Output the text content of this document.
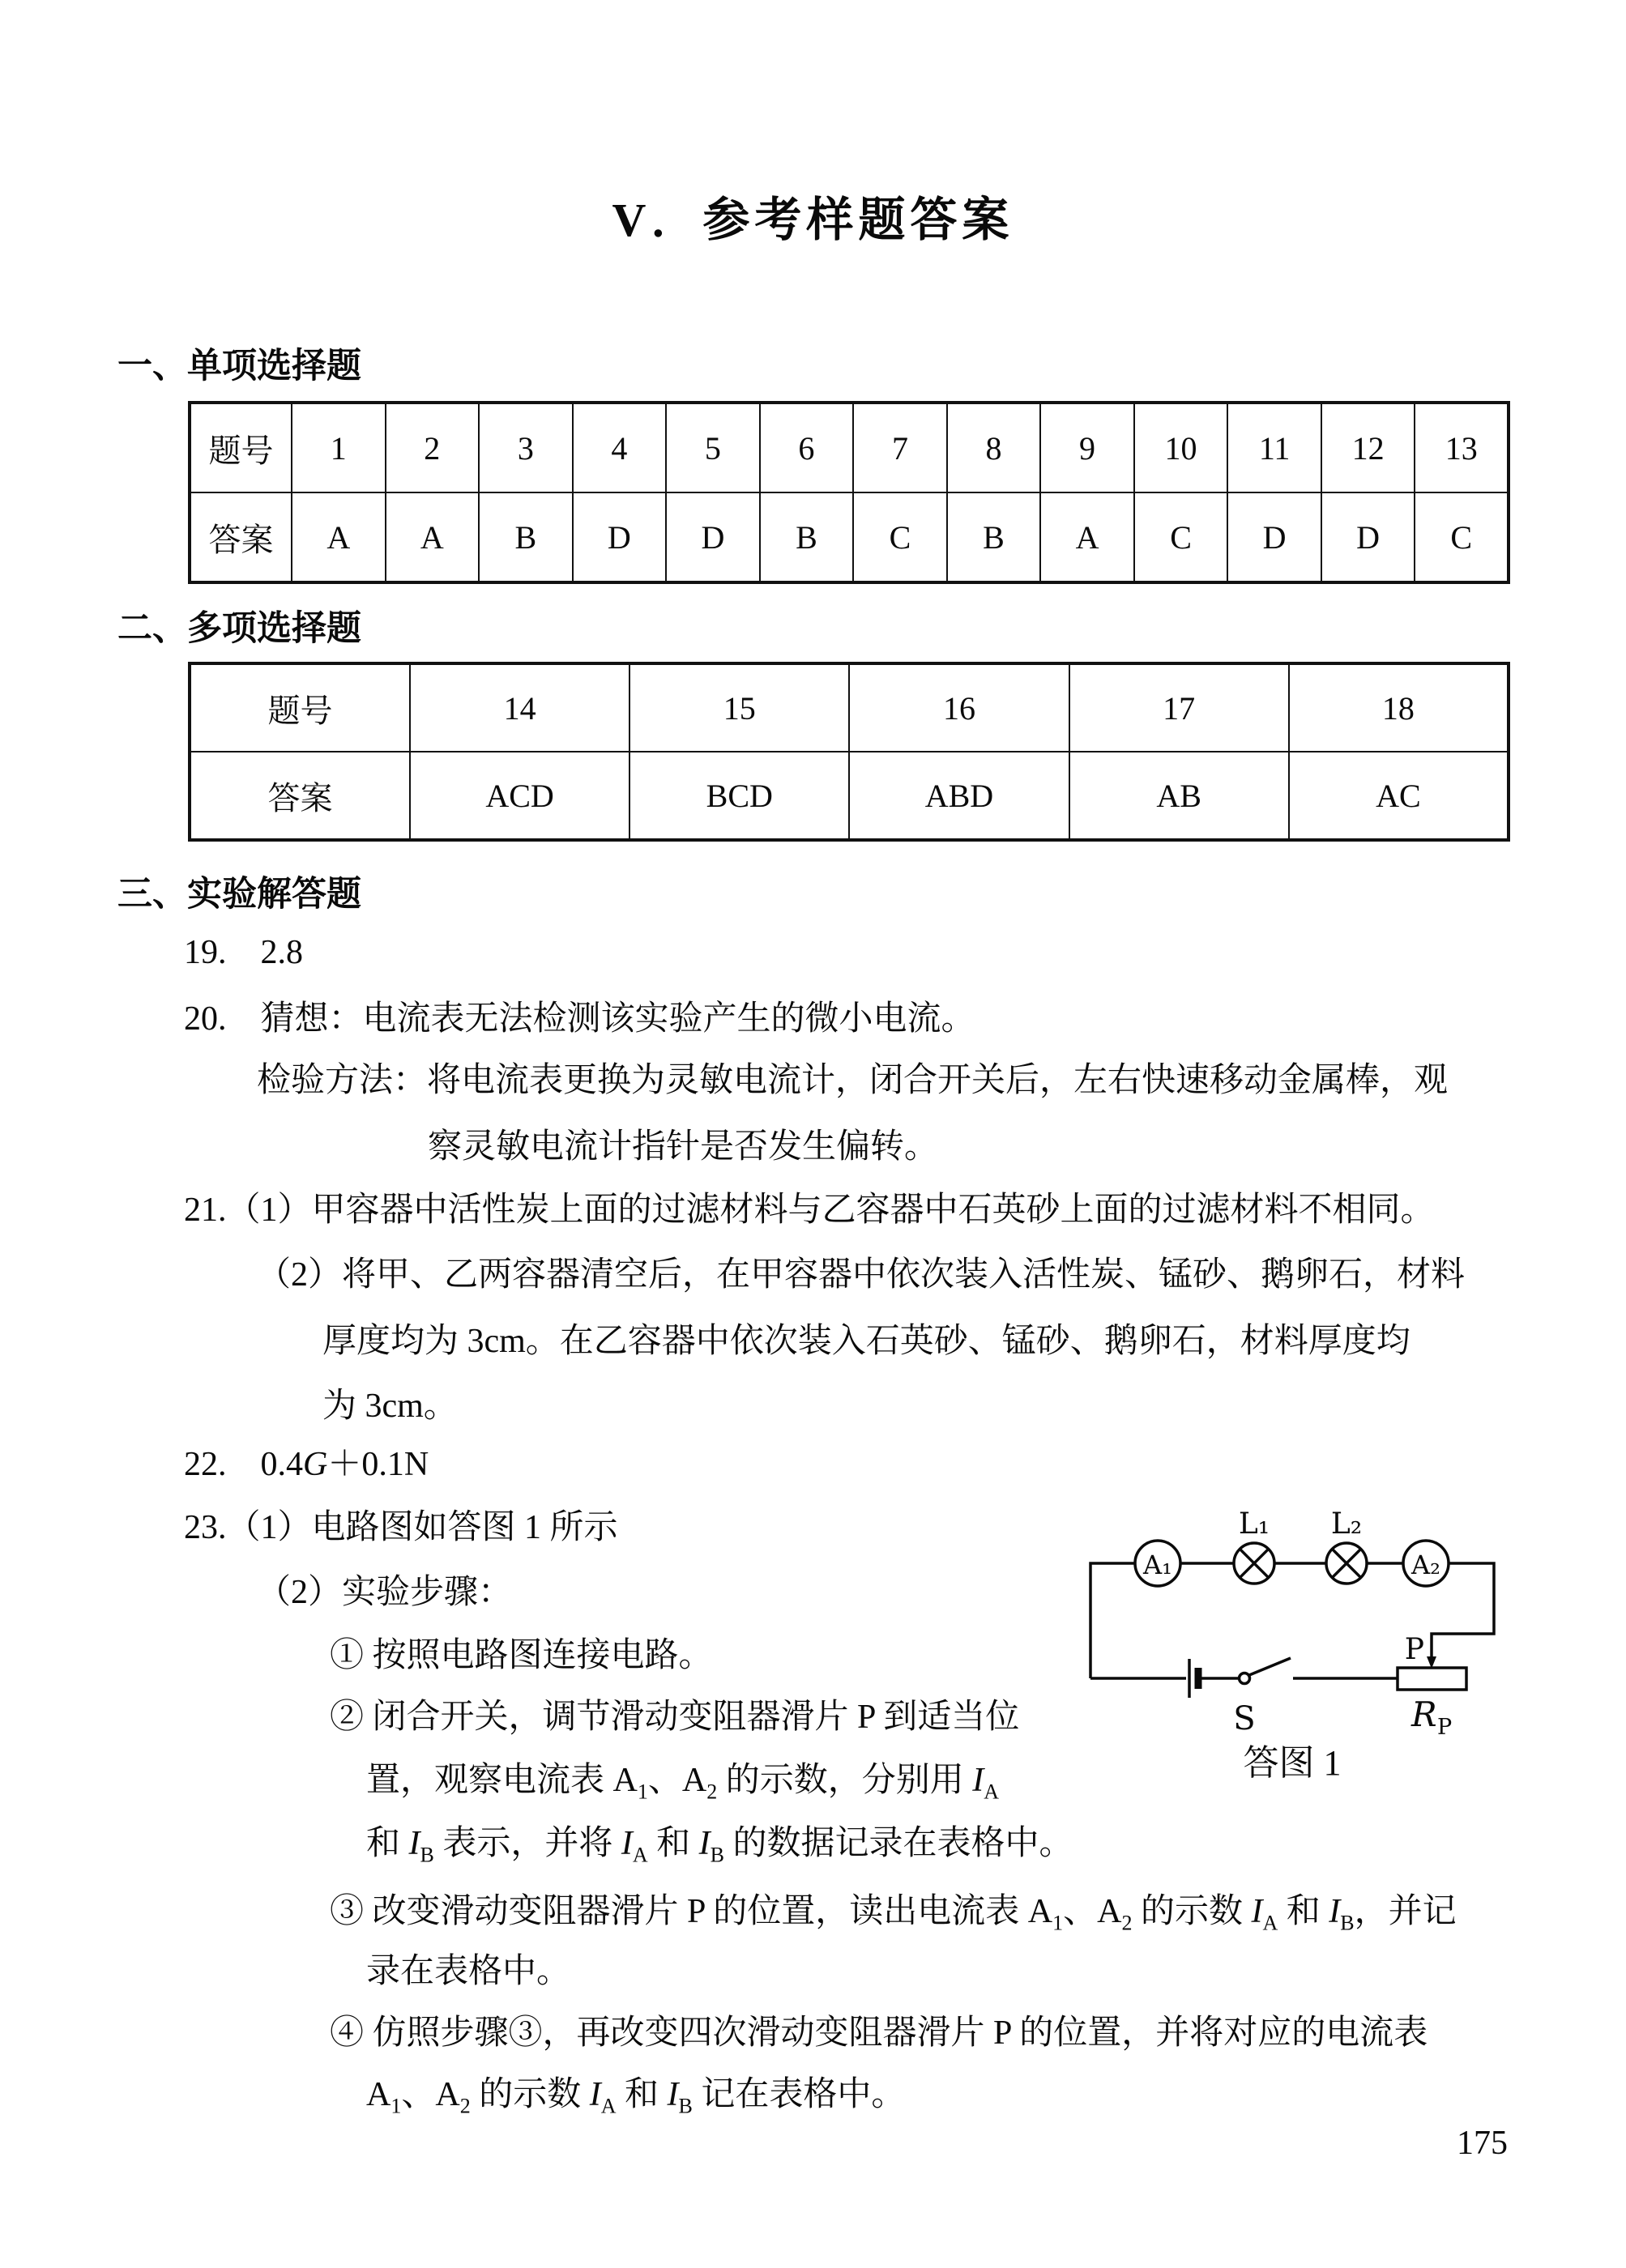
V．参考样题答案
一、单项选择题
题号	1	2	3	4	5	6	7	8	9	10	11	12	13
答案	A	A	B	D	D	B	C	B	A	C	D	D	C
二、多项选择题
题号	14	15	16	17	18
答案	ACD	BCD	ABD	AB	AC
三、实验解答题
19.　2.8
20.　猜想：电流表无法检测该实验产生的微小电流。
检验方法：将电流表更换为灵敏电流计，闭合开关后，左右快速移动金属棒，观
察灵敏电流计指针是否发生偏转。
21.（1）甲容器中活性炭上面的过滤材料与乙容器中石英砂上面的过滤材料不相同。
（2）将甲、乙两容器清空后，在甲容器中依次装入活性炭、锰砂、鹅卵石，材料
厚度均为 3cm。在乙容器中依次装入石英砂、锰砂、鹅卵石，材料厚度均
为 3cm。
22.　0.4G＋0.1N
23.（1）电路图如答图 1 所示
（2）实验步骤：
① 按照电路图连接电路。
② 闭合开关，调节滑动变阻器滑片 P 到适当位
置，观察电流表 $A_1$、$A_2$ 的示数，分别用 $I_A$
和 $I_B$ 表示，并将 $I_A$ 和 $I_B$ 的数据记录在表格中。
③ 改变滑动变阻器滑片 P 的位置，读出电流表 $A_1$、$A_2$ 的示数 $I_A$ 和 $I_B$，并记
录在表格中。
④ 仿照步骤③，再改变四次滑动变阻器滑片 P 的位置，并将对应的电流表
$A_1$、$A_2$ 的示数 $I_A$ 和 $I_B$ 记在表格中。
A₁	A₂
L₁ L₂
P
S	R P
答图 1
175
